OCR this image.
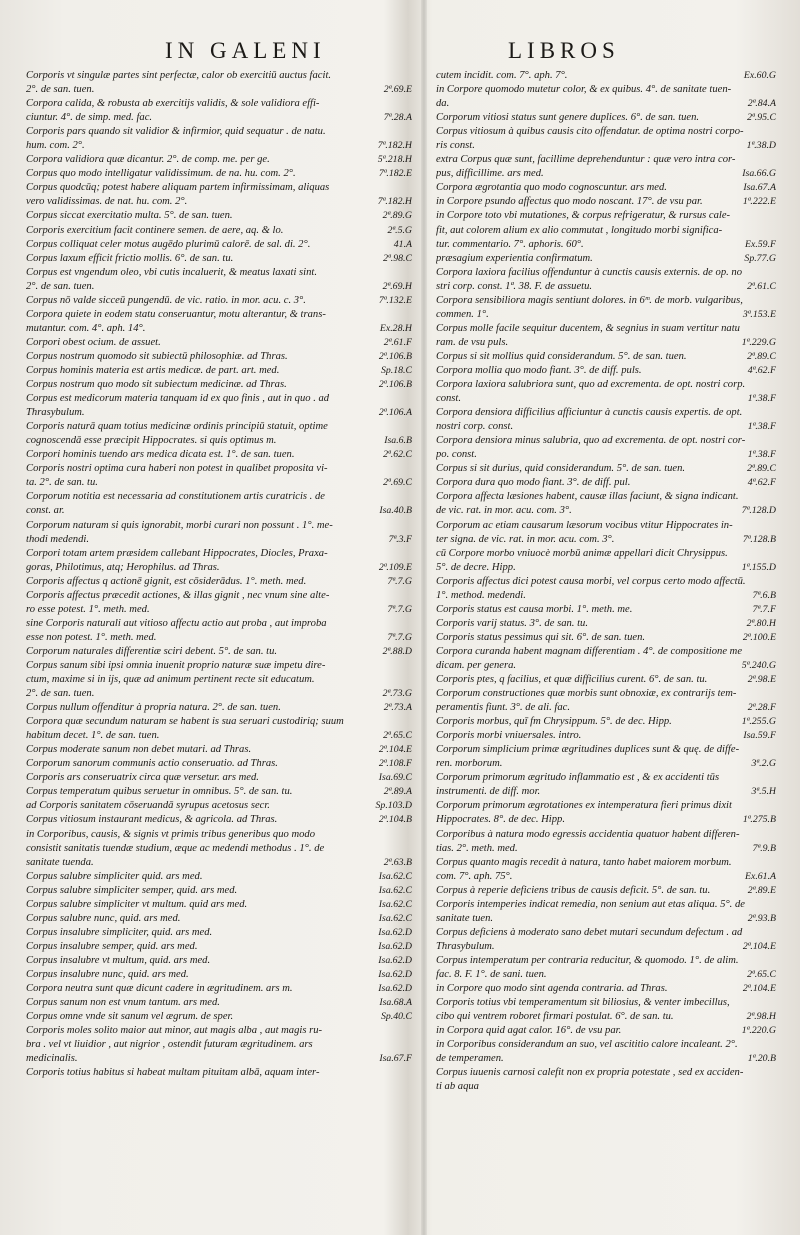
IN GALENI	LIBROS
Corporis vt singulæ partes sint perfectæ, calor ob exercitiū auctus facit.
2°. de san. tuen.	2ª.69.E
Corpora calida, & robusta ab exercitijs validis, & sole validiora effi-
ciuntur. 4°. de simp. med. fac.	7ª.28.A
Corporis pars quando sit validior & infirmior, quid sequatur . de natu.
hum. com. 2°.	7ª.182.H
Corpora validiora quæ dicantur. 2°. de comp. me. per ge.	5ª.218.H
Corpus quo modo intelligatur validissimum. de na. hu. com. 2°.	7ª.182.E
Corpus quodcūq; potest habere aliquam partem infirmissimam, aliquas
vero validissimas. de nat. hu. com. 2°.	7ª.182.H
Corpus siccat exercitatio multa. 5°. de san. tuen.	2ª.89.G
Corporis exercitium facit continere semen. de aere, aq. & lo.	2ª.5.G
Corpus colliquat celer motus augēdo plurimū calorē. de sal. di. 2°.	41.A
Corpus laxum efficit frictio mollis. 6°. de san. tu.	2ª.98.C
Corpus est vngendum oleo, vbi cutis incaluerit, & meatus laxati sint.
2°. de san. tuen.	2ª.69.H
Corpus nō valde sicceū pungendū. de vic. ratio. in mor. acu. c. 3°.	7ª.132.E
Corpora quiete in eodem statu conseruantur, motu alterantur, & trans-
mutantur. com. 4°. aph. 14°.	Ex.28.H
Corpori obest ocium. de assuet.	2ª.61.F
Corpus nostrum quomodo sit subiectū philosophiæ. ad Thras.	2ª.106.B
Corpus hominis materia est artis medicæ. de part. art. med.	Sp.18.C
Corpus nostrum quo modo sit subiectum medicinæ. ad Thras.	2ª.106.B
Corpus est medicorum materia tanquam id ex quo finis , aut in quo . ad
Thrasybulum.	2ª.106.A
Corporis naturā quam totius medicinæ ordinis principiū statuit, optime
cognoscendā esse præcipit Hippocrates. si quis optimus m.	Isa.6.B
Corpori hominis tuendo ars medica dicata est. 1°. de san. tuen.	2ª.62.C
Corporis nostri optima cura haberi non potest in qualibet proposita vi-
ta. 2°. de san. tu.	2ª.69.C
Corporum notitia est necessaria ad constitutionem artis curatricis . de
const. ar.	Isa.40.B
Corporum naturam si quis ignorabit, morbi curari non possunt . 1°. me-
thodi medendi.	7ª.3.F
Corpori totam artem præsidem callebant Hippocrates, Diocles, Praxa-
goras, Philotimus, atq; Herophilus. ad Thras.	2ª.109.E
Corporis affectus q actionē gignit, est cōsiderādus. 1°. meth. med.	7ª.7.G
Corporis affectus præcedit actiones, & illas gignit , nec vnum sine alte-
ro esse potest. 1°. meth. med.	7ª.7.G
sine Corporis naturali aut vitioso affectu actio aut proba , aut improba
esse non potest. 1°. meth. med.	7ª.7.G
Corporum naturales differentiæ sciri debent. 5°. de san. tu.	2ª.88.D
Corpus sanum sibi ipsi omnia inuenit proprio naturæ suæ impetu dire-
ctum, maxime si in ijs, quæ ad animum pertinent recte sit educatum.
2°. de san. tuen.	2ª.73.G
Corpus nullum offenditur à propria natura. 2°. de san. tuen.	2ª.73.A
Corpora quæ secundum naturam se habent is sua seruari custodiriq; suum
habitum decet. 1°. de san. tuen.	2ª.65.C
Corpus moderate sanum non debet mutari. ad Thras.	2ª.104.E
Corporum sanorum communis actio conseruatio. ad Thras.	2ª.108.F
Corporis ars conseruatrix circa quæ versetur. ars med.	Isa.69.C
Corpus temperatum quibus seruetur in omnibus. 5°. de san. tu.	2ª.89.A
ad Corporis sanitatem cōseruandā syrupus acetosus secr.	Sp.103.D
Corpus vitiosum instaurant medicus, & agricola. ad Thras.	2ª.104.B
in Corporibus, causis, & signis vt primis tribus generibus quo modo
consistit sanitatis tuendæ studium, æque ac medendi methodus . 1°. de
sanitate tuenda.	2ª.63.B
Corpus salubre simpliciter quid. ars med.	Isa.62.C
Corpus salubre simpliciter semper, quid. ars med.	Isa.62.C
Corpus salubre simpliciter vt multum. quid ars med.	Isa.62.C
Corpus salubre nunc, quid. ars med.	Isa.62.C
Corpus insalubre simpliciter, quid. ars med.	Isa.62.D
Corpus insalubre semper, quid. ars med.	Isa.62.D
Corpus insalubre vt multum, quid. ars med.	Isa.62.D
Corpus insalubre nunc, quid. ars med.	Isa.62.D
Corpora neutra sunt quæ dicunt cadere in ægritudinem. ars m.	Isa.62.D
Corpus sanum non est vnum tantum. ars med.	Isa.68.A
Corpus omne vnde sit sanum vel ægrum. de sper.	Sp.40.C
Corporis moles solito maior aut minor, aut magis alba , aut magis ru-
bra . vel vt liuidior , aut nigrior , ostendit futuram ægritudinem. ars
medicinalis.	Isa.67.F
Corporis totius habitus si habeat multam pituitam albā, aquam inter-
cutem incidit. com. 7°. aph. 7°.	Ex.60.G
in Corpore quomodo mutetur color, & ex quibus. 4°. de sanitate tuen-
da.	2ª.84.A
Corporum vitiosi status sunt genere duplices. 6°. de san. tuen.	2ª.95.C
Corpus vitiosum à quibus causis cito offendatur. de optima nostri corpo-
ris const.	1ª.38.D
extra Corpus quæ sunt, facillime deprehenduntur : quæ vero intra cor-
pus, difficillime. ars med.	Isa.66.G
Corpora ægrotantia quo modo cognoscuntur. ars med.	Isa.67.A
in Corpore psundo affectus quo modo noscant. 17°. de vsu par.	1ª.222.E
in Corpore toto vbi mutationes, & corpus refrigeratur, & rursus cale-
fit, aut colorem alium ex alio commutat , longitudo morbi significa-
tur. commentario. 7°. aphoris. 60°.	Ex.59.F
præsagium experientia confirmatum.	Sp.77.G
Corpora laxiora facilius offenduntur à cunctis causis externis. de op. no
stri corp. const. 1ª. 38. F. de assuetu.	2ª.61.C
Corpora sensibiliora magis sentiunt dolores. in 6ᵐ. de morb. vulgaribus,
commen. 1°.	3ª.153.E
Corpus molle facile sequitur ducentem, & segnius in suam vertitur natu
ram. de vsu puls.	1ª.229.G
Corpus si sit mollius quid considerandum. 5°. de san. tuen.	2ª.89.C
Corpora mollia quo modo fiant. 3°. de diff. puls.	4ª.62.F
Corpora laxiora salubriora sunt, quo ad excrementa. de opt. nostri corp.
const.	1ª.38.F
Corpora densiora difficilius afficiuntur à cunctis causis expertis. de opt.
nostri corp. const.	1ª.38.F
Corpora densiora minus salubria, quo ad excrementa. de opt. nostri cor-
po. const.	1ª.38.F
Corpus si sit durius, quid considerandum. 5°. de san. tuen.	2ª.89.C
Corpora dura quo modo fiant. 3°. de diff. pul.	4ª.62.F
Corpora affecta læsiones habent, causæ illas faciunt, & signa indicant.
de vic. rat. in mor. acu. com. 3°.	7ª.128.D
Corporum ac etiam causarum læsorum vocibus vtitur Hippocrates in-
ter signa. de vic. rat. in mor. acu. com. 3°.	7ª.128.B
cū Corpore morbo vniuocè morbū animæ appellari dicit Chrysippus.
5°. de decre. Hipp.	1ª.155.D
Corporis affectus dici potest causa morbi, vel corpus certo modo affectū.
1°. method. medendi.	7ª.6.B
Corporis status est causa morbi. 1°. meth. me.	7ª.7.F
Corporis varij status. 3°. de san. tu.	2ª.80.H
Corporis status pessimus qui sit. 6°. de san. tuen.	2ª.100.E
Corpora curanda habent magnam differentiam . 4°. de compositione me
dicam. per genera.	5ª.240.G
Corporis ptes, q facilius, et quæ difficilius curent. 6°. de san. tu.	2ª.98.E
Corporum constructiones quæ morbis sunt obnoxiæ, ex contrarijs tem-
peramentis fiunt. 3°. de ali. fac.	2ª.28.F
Corporis morbus, quī fm Chrysippum. 5°. de dec. Hipp.	1ª.255.G
Corporis morbi vniuersales. intro.	Isa.59.F
Corporum simplicium primæ ægritudines duplices sunt & quę. de diffe-
ren. morborum.	3ª.2.G
Corporum primorum ægritudo inflammatio est , & ex accidenti tūs
instrumenti. de diff. mor.	3ª.5.H
Corporum primorum ægrotationes ex intemperatura fieri primus dixit
Hippocrates. 8°. de dec. Hipp.	1ª.275.B
Corporibus à natura modo egressis accidentia quatuor habent differen-
tias. 2°. meth. med.	7ª.9.B
Corpus quanto magis recedit à natura, tanto habet maiorem morbum.
com. 7°. aph. 75°.	Ex.61.A
Corpus à reperie deficiens tribus de causis deficit. 5°. de san. tu.	2ª.89.E
Corporis intemperies indicat remedia, non senium aut etas aliqua. 5°. de
sanitate tuen.	2ª.93.B
Corpus deficiens à moderato sano debet mutari secundum defectum . ad
Thrasybulum.	2ª.104.E
Corpus intemperatum per contraria reducitur, & quomodo. 1°. de alim.
fac. 8. F. 1°. de sani. tuen.	2ª.65.C
in Corpore quo modo sint agenda contraria. ad Thras.	2ª.104.E
Corporis totius vbi temperamentum sit biliosius, & venter imbecillus,
cibo qui ventrem roboret firmari postulat. 6°. de san. tu.	2ª.98.H
in Corpora quid agat calor. 16°. de vsu par.	1ª.220.G
in Corporibus considerandum an suo, vel ascititio calore incaleant. 2°.
de temperamen.	1ª.20.B
Corpus iuuenis carnosi calefit non ex propria potestate , sed ex acciden-
ti ab aqua
